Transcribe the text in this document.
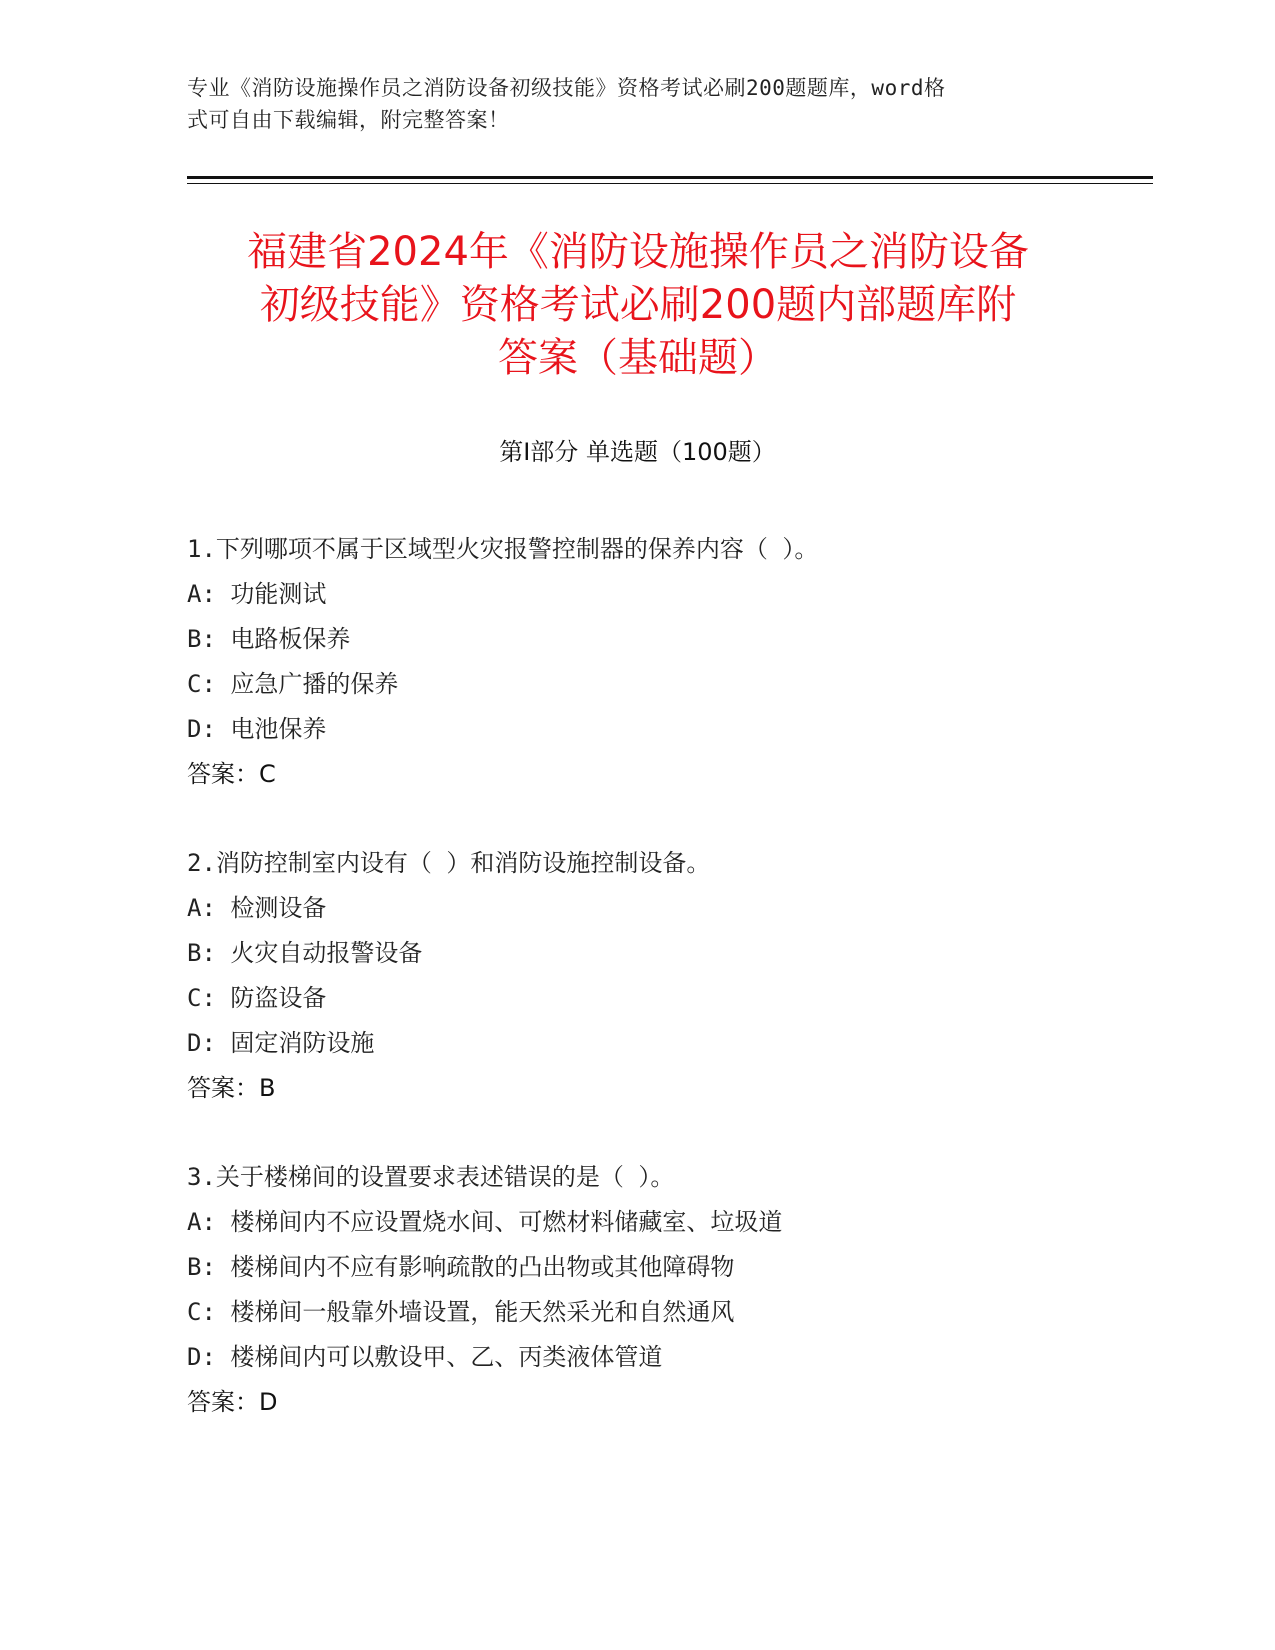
专业《消防设施操作员之消防设备初级技能》资格考试必刷200题题库，word格
式可自由下载编辑，附完整答案！
福建省2024年《消防设施操作员之消防设备
初级技能》资格考试必刷200题内部题库附
答案（基础题）
第Ⅰ部分 单选题（100题）
1.下列哪项不属于区域型火灾报警控制器的保养内容（ ）。
A: 功能测试
B: 电路板保养
C: 应急广播的保养
D: 电池保养
答案：C
2.消防控制室内设有（ ）和消防设施控制设备。
A: 检测设备
B: 火灾自动报警设备
C: 防盗设备
D: 固定消防设施
答案：B
3.关于楼梯间的设置要求表述错误的是（ ）。
A: 楼梯间内不应设置烧水间、可燃材料储藏室、垃圾道
B: 楼梯间内不应有影响疏散的凸出物或其他障碍物
C: 楼梯间一般靠外墙设置，能天然采光和自然通风
D: 楼梯间内可以敷设甲、乙、丙类液体管道
答案：D
